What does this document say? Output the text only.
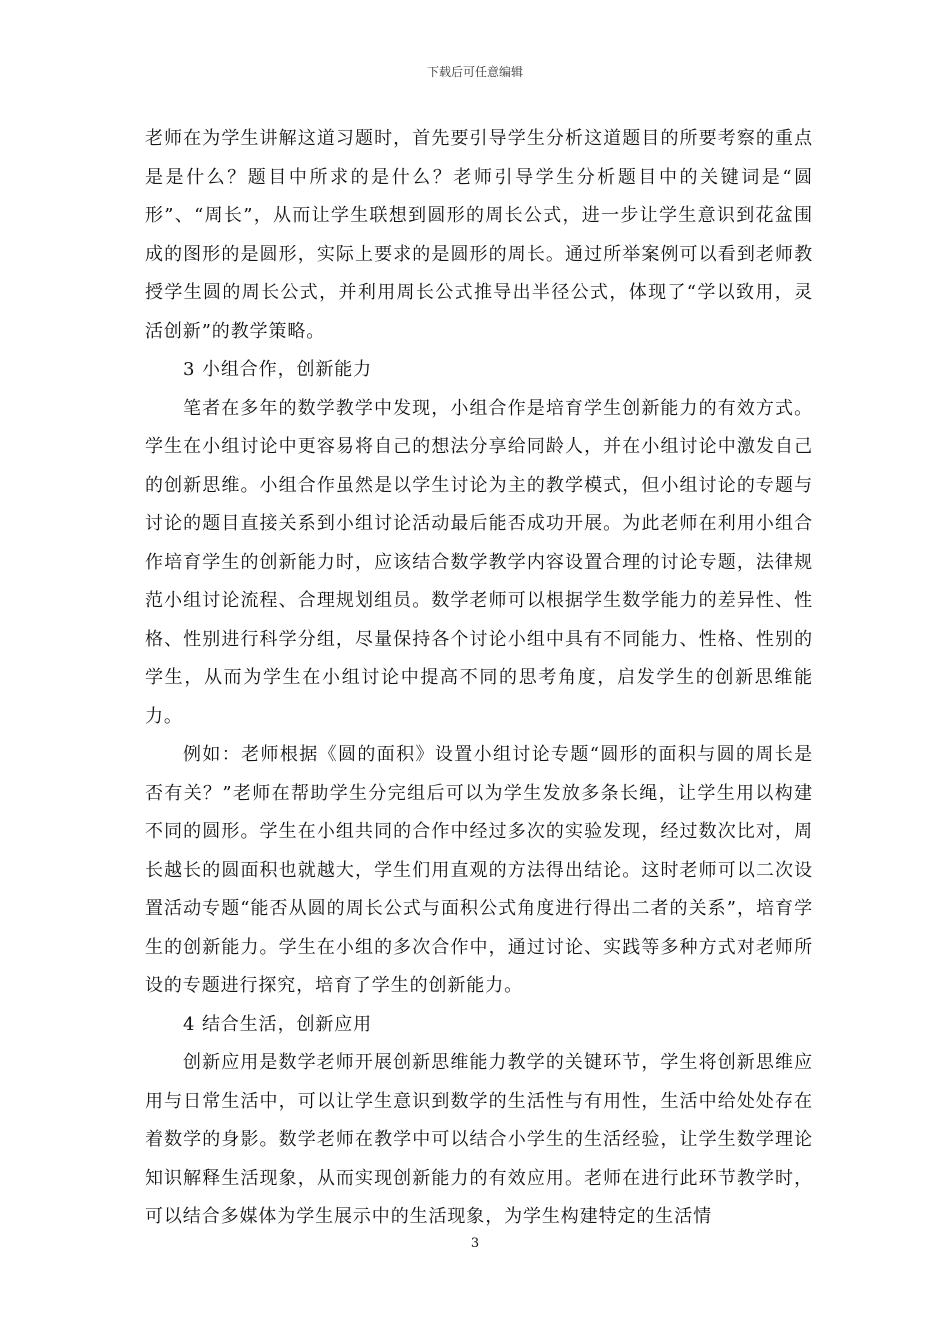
下载后可任意编辑

老师在为学生讲解这道习题时，首先要引导学生分析这道题目的所要考察的重点是是什么？题目中所求的是什么？老师引导学生分析题目中的关键词是“圆形”、“周长”，从而让学生联想到圆形的周长公式，进一步让学生意识到花盆围成的图形的是圆形，实际上要求的是圆形的周长。通过所举案例可以看到老师教授学生圆的周长公式，并利用周长公式推导出半径公式，体现了“学以致用，灵活创新”的教学策略。

3 小组合作，创新能力

笔者在多年的数学教学中发现，小组合作是培育学生创新能力的有效方式。学生在小组讨论中更容易将自己的想法分享给同龄人，并在小组讨论中激发自己的创新思维。小组合作虽然是以学生讨论为主的教学模式，但小组讨论的专题与讨论的题目直接关系到小组讨论活动最后能否成功开展。为此老师在利用小组合作培育学生的创新能力时，应该结合数学教学内容设置合理的讨论专题，法律规范小组讨论流程、合理规划组员。数学老师可以根据学生数学能力的差异性、性格、性别进行科学分组，尽量保持各个讨论小组中具有不同能力、性格、性别的学生，从而为学生在小组讨论中提高不同的思考角度，启发学生的创新思维能力。

例如：老师根据《圆的面积》设置小组讨论专题“圆形的面积与圆的周长是否有关？”老师在帮助学生分完组后可以为学生发放多条长绳，让学生用以构建不同的圆形。学生在小组共同的合作中经过多次的实验发现，经过数次比对，周长越长的圆面积也就越大，学生们用直观的方法得出结论。这时老师可以二次设置活动专题“能否从圆的周长公式与面积公式角度进行得出二者的关系”，培育学生的创新能力。学生在小组的多次合作中，通过讨论、实践等多种方式对老师所设的专题进行探究，培育了学生的创新能力。

4 结合生活，创新应用

创新应用是数学老师开展创新思维能力教学的关键环节，学生将创新思维应用与日常生活中，可以让学生意识到数学的生活性与有用性，生活中给处处存在着数学的身影。数学老师在教学中可以结合小学生的生活经验，让学生数学理论知识解释生活现象，从而实现创新能力的有效应用。老师在进行此环节教学时，可以结合多媒体为学生展示中的生活现象，为学生构建特定的生活情

3
